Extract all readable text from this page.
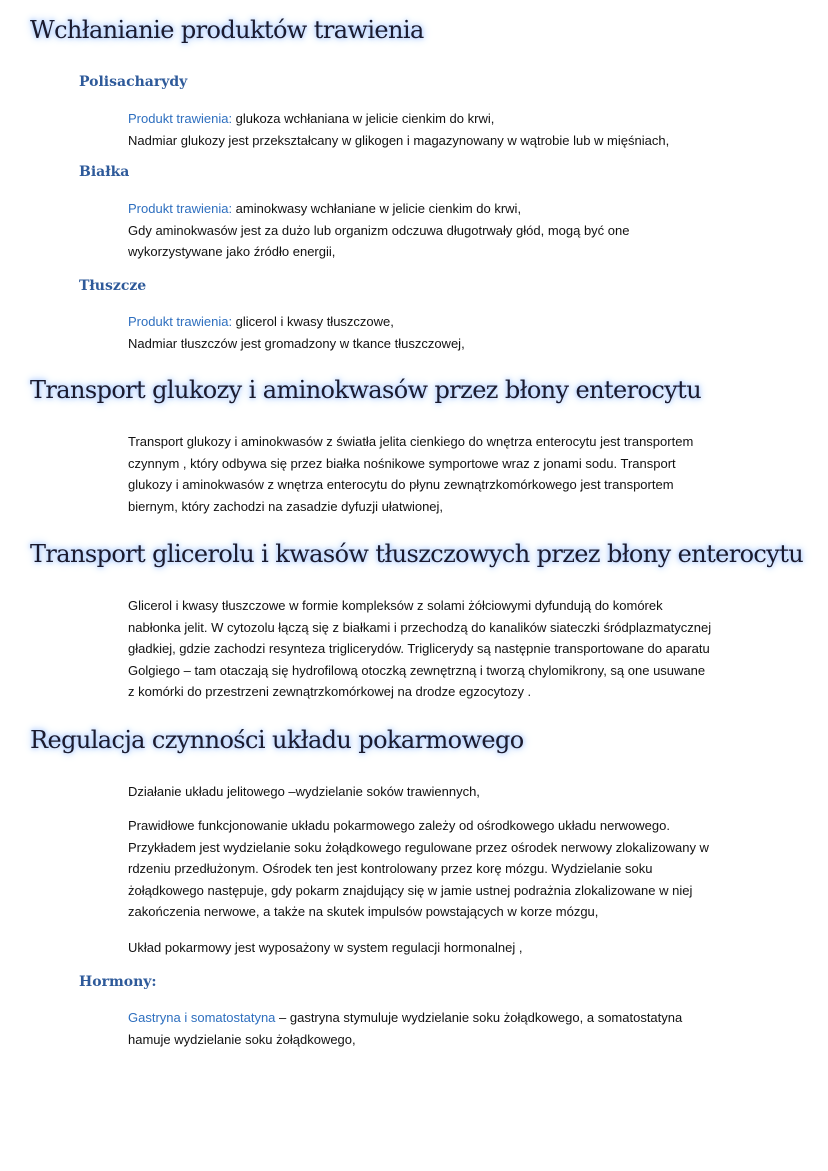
Wchłanianie produktów trawienia
Polisacharydy

Produkt trawienia: glukoza wchłaniana w jelicie cienkim do krwi,
Nadmiar glukozy jest przekształcany w glikogen i magazynowany w wątrobie lub w mięśniach,

Białka

Produkt trawienia: aminokwasy wchłaniane w jelicie cienkim do krwi,
Gdy aminokwasów jest za dużo lub organizm odczuwa długotrwały głód, mogą być one
wykorzystywane jako źródło energii,

Tłuszcze

Produkt trawienia: glicerol i kwasy tłuszczowe,
Nadmiar tłuszczów jest gromadzony w tkance tłuszczowej,

Transport glukozy i aminokwasów przez błony enterocytu

Transport glukozy i aminokwasów z światła jelita cienkiego do wnętrza enterocytu jest transportem
czynnym , który odbywa się przez białka nośnikowe symportowe wraz z jonami sodu. Transport
glukozy i aminokwasów z wnętrza enterocytu do płynu zewnątrzkomórkowego jest transportem
biernym, który zachodzi na zasadzie dyfuzji ułatwionej,

Transport glicerolu i kwasów tłuszczowych przez błony enterocytu

Glicerol i kwasy tłuszczowe w formie kompleksów z solami żółciowymi dyfundują do komórek
nabłonka jelit. W cytozolu łączą się z białkami i przechodzą do kanalików siateczki śródplazmatycznej
gładkiej, gdzie zachodzi resynteza triglicerydów. Triglicerydy są następnie transportowane do aparatu
Golgiego – tam otaczają się hydrofilową otoczką zewnętrzną i tworzą chylomikrony, są one usuwane
z komórki do przestrzeni zewnątrzkomórkowej na drodze egzocytozy .

Regulacja czynności układu pokarmowego

Działanie układu jelitowego –wydzielanie soków trawiennych,

Prawidłowe funkcjonowanie układu pokarmowego zależy od ośrodkowego układu nerwowego.
Przykładem jest wydzielanie soku żołądkowego regulowane przez ośrodek nerwowy zlokalizowany w
rdzeniu przedłużonym. Ośrodek ten jest kontrolowany przez korę mózgu. Wydzielanie soku
żołądkowego następuje, gdy pokarm znajdujący się w jamie ustnej podrażnia zlokalizowane w niej
zakończenia nerwowe, a także na skutek impulsów powstających w korze mózgu,

Układ pokarmowy jest wyposażony w system regulacji hormonalnej ,

Hormony:

Gastryna i somatostatyna – gastryna stymuluje wydzielanie soku żołądkowego, a somatostatyna
hamuje wydzielanie soku żołądkowego,
